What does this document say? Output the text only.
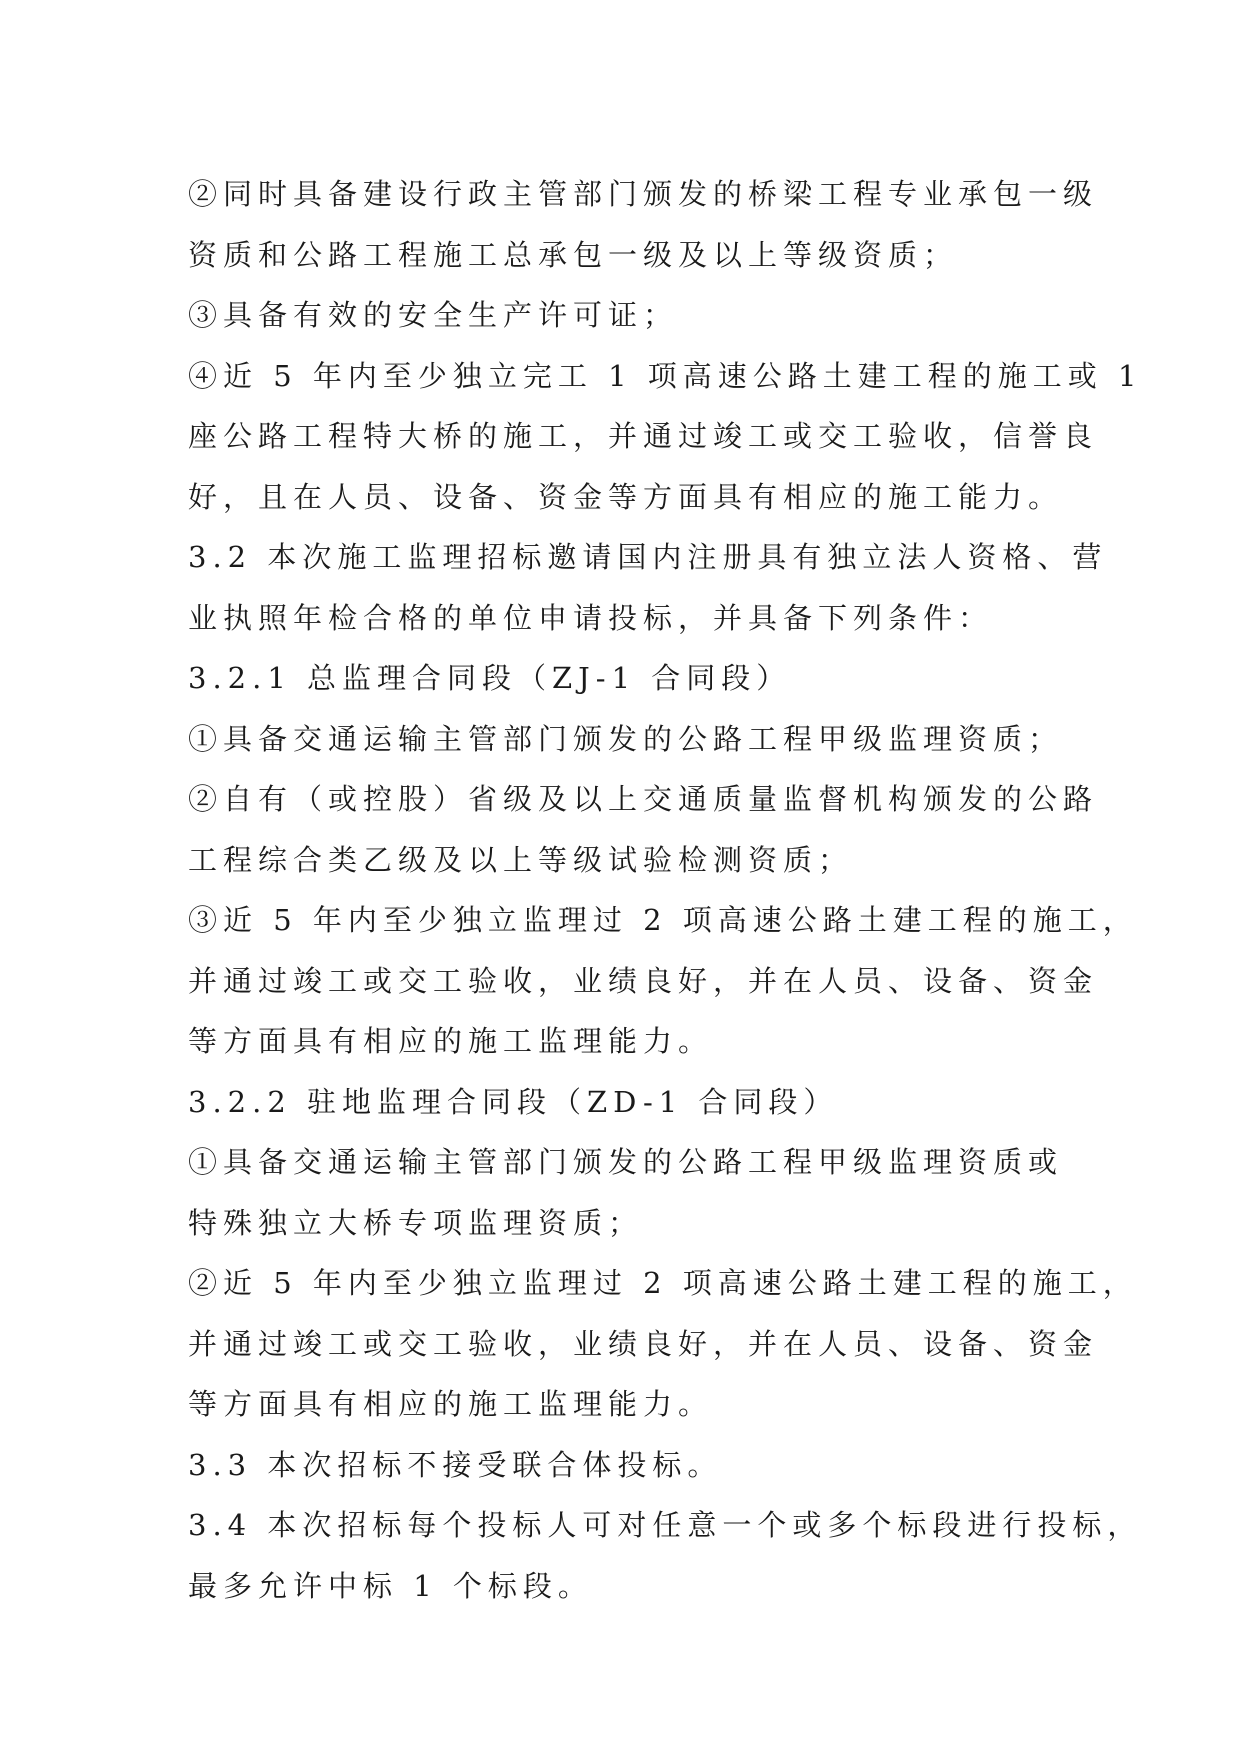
②同时具备建设行政主管部门颁发的桥梁工程专业承包一级
资质和公路工程施工总承包一级及以上等级资质；
③具备有效的安全生产许可证；
④近 5 年内至少独立完工 1 项高速公路土建工程的施工或 1
座公路工程特大桥的施工，并通过竣工或交工验收，信誉良
好，且在人员、设备、资金等方面具有相应的施工能力。
3.2 本次施工监理招标邀请国内注册具有独立法人资格、营
业执照年检合格的单位申请投标，并具备下列条件：
3.2.1 总监理合同段（ZJ-1 合同段）
①具备交通运输主管部门颁发的公路工程甲级监理资质；
②自有（或控股）省级及以上交通质量监督机构颁发的公路
工程综合类乙级及以上等级试验检测资质；
③近 5 年内至少独立监理过 2 项高速公路土建工程的施工，
并通过竣工或交工验收，业绩良好，并在人员、设备、资金
等方面具有相应的施工监理能力。
3.2.2 驻地监理合同段（ZD-1 合同段）
①具备交通运输主管部门颁发的公路工程甲级监理资质或
特殊独立大桥专项监理资质；
②近 5 年内至少独立监理过 2 项高速公路土建工程的施工，
并通过竣工或交工验收，业绩良好，并在人员、设备、资金
等方面具有相应的施工监理能力。
3.3 本次招标不接受联合体投标。
3.4 本次招标每个投标人可对任意一个或多个标段进行投标，
最多允许中标 1 个标段。
